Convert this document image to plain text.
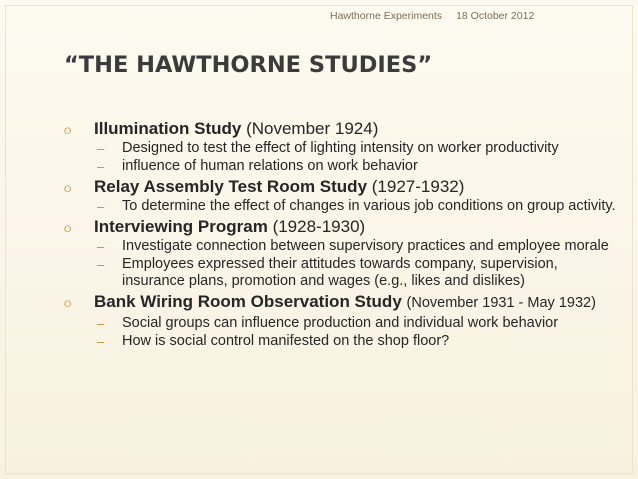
Hawthorne Experiments 18 October 2012
“THE HAWTHORNE STUDIES”
⭘ Illumination Study (November 1924)
– Designed to test the effect of lighting intensity on worker productivity
– influence of human relations on work behavior
⭘ Relay Assembly Test Room Study (1927-1932)
– To determine the effect of changes in various job conditions on group activity.
⭘ Interviewing Program (1928-1930)
– Investigate connection between supervisory practices and employee morale
– Employees expressed their attitudes towards company, supervision, insurance plans, promotion and wages (e.g., likes and dislikes)
⭘ Bank Wiring Room Observation Study (November 1931 - May 1932)
– Social groups can influence production and individual work behavior
– How is social control manifested on the shop floor?
